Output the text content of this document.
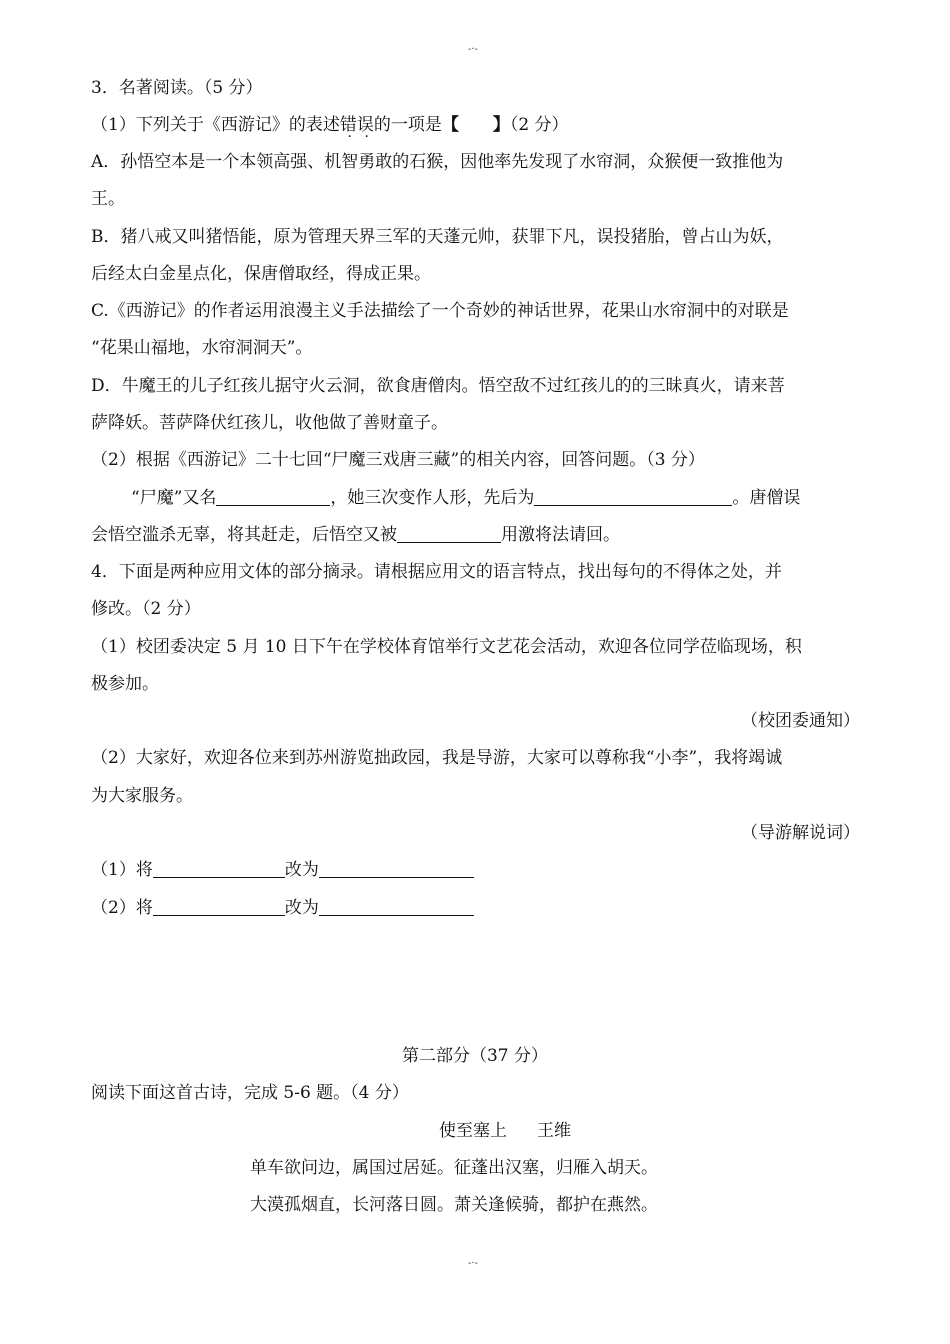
-·-
3．名著阅读。（5 分）
（1）下列关于《西游记》的表述错误的一项是【 】（2 分）
A．孙悟空本是一个本领高强、机智勇敢的石猴，因他率先发现了水帘洞，众猴便一致推他为
王。
B．猪八戒又叫猪悟能，原为管理天界三军的天蓬元帅，获罪下凡，误投猪胎，曾占山为妖，
后经太白金星点化，保唐僧取经，得成正果。
C.《西游记》的作者运用浪漫主义手法描绘了一个奇妙的神话世界，花果山水帘洞中的对联是
“花果山福地，水帘洞洞天”。
D．牛魔王的儿子红孩儿据守火云洞，欲食唐僧肉。悟空敌不过红孩儿的的三昧真火，请来菩
萨降妖。菩萨降伏红孩儿，收他做了善财童子。
（2）根据《西游记》二十七回“尸魔三戏唐三藏”的相关内容，回答问题。（3 分）
“尸魔”又名	，她三次变作人形，先后为	。唐僧误
会悟空滥杀无辜，将其赶走，后悟空又被	用激将法请回。
4．下面是两种应用文体的部分摘录。请根据应用文的语言特点，找出每句的不得体之处，并
修改。（2 分）
（1）校团委决定 5 月 10 日下午在学校体育馆举行文艺花会活动，欢迎各位同学莅临现场，积
极参加。
（校团委通知）
（2）大家好，欢迎各位来到苏州游览拙政园，我是导游，大家可以尊称我“小李”，我将竭诚
为大家服务。
（导游解说词）
（1）将	改为
（2）将	改为
第二部分（37 分）
阅读下面这首古诗，完成 5-6 题。（4 分）
使至塞上 王维
单车欲问边，属国过居延。征蓬出汉塞，归雁入胡天。
大漠孤烟直，长河落日圆。萧关逢候骑，都护在燕然。
-·-
